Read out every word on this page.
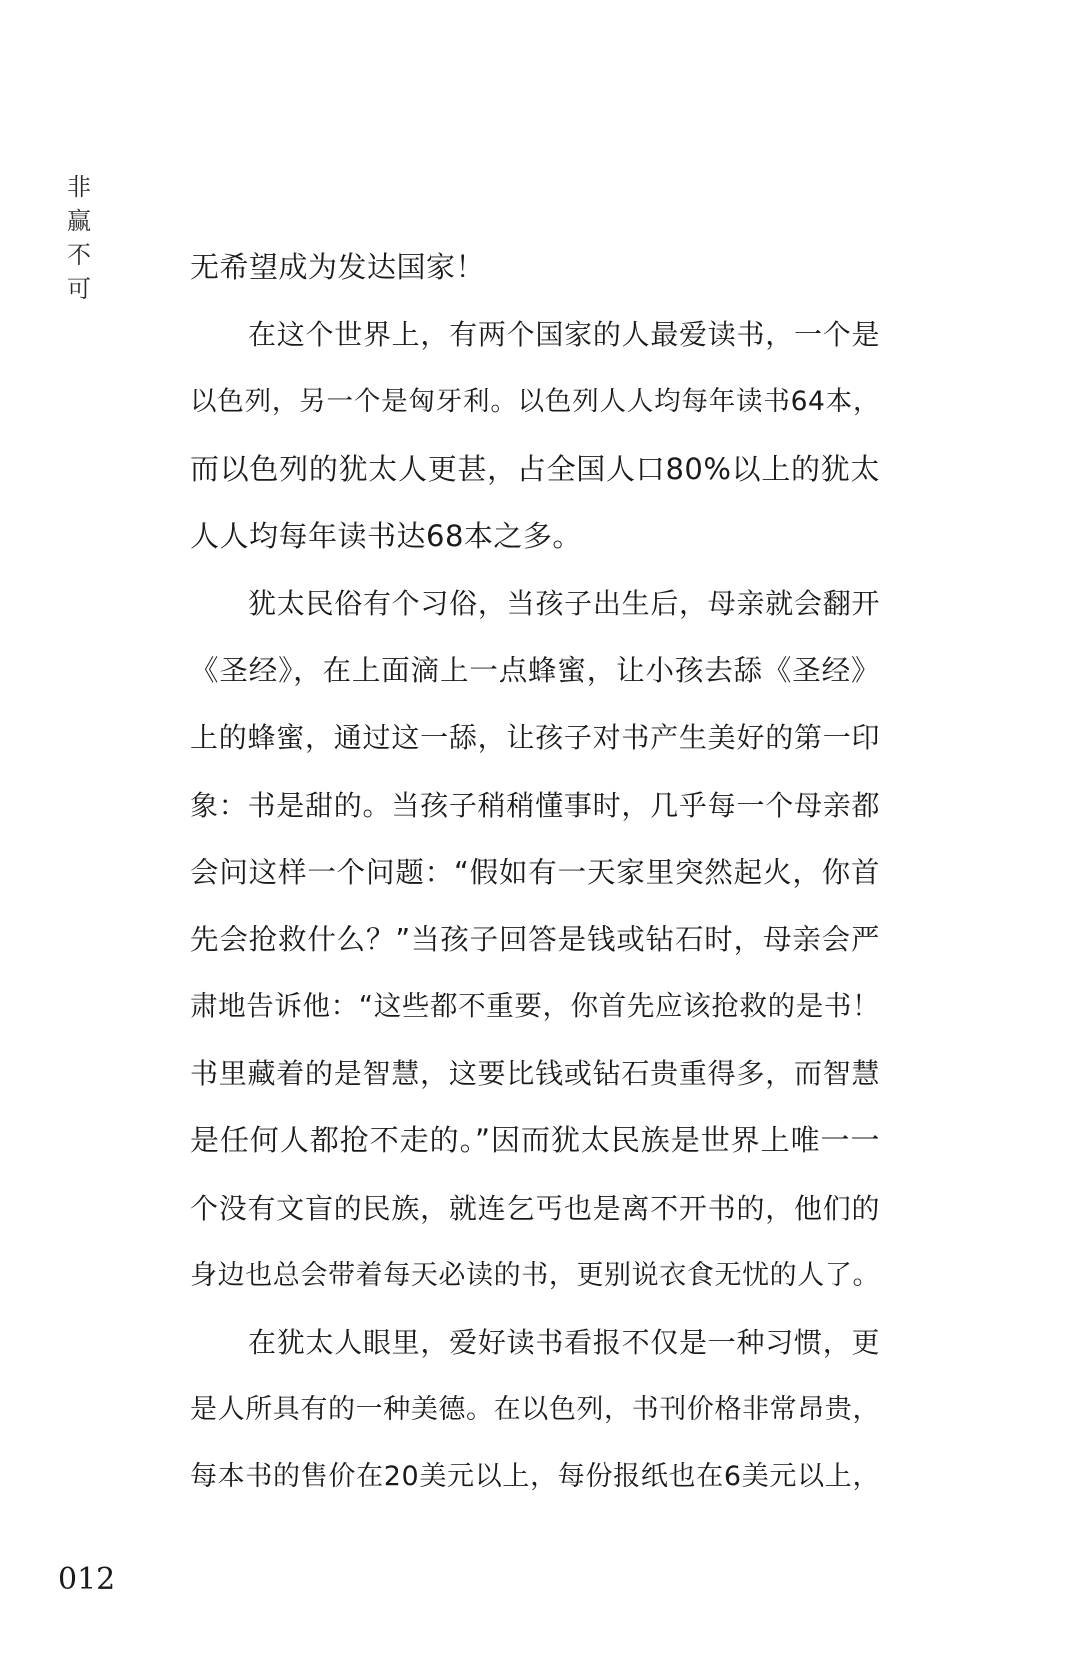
非
赢
不
可
无希望成为发达国家！
在这个世界上，有两个国家的人最爱读书，一个是
以色列，另一个是匈牙利。以色列人人均每年读书64本，
而以色列的犹太人更甚，占全国人口80%以上的犹太
人人均每年读书达68本之多。
犹太民俗有个习俗，当孩子出生后，母亲就会翻开
《圣经》，在上面滴上一点蜂蜜，让小孩去舔《圣经》
上的蜂蜜，通过这一舔，让孩子对书产生美好的第一印
象：书是甜的。当孩子稍稍懂事时，几乎每一个母亲都
会问这样一个问题：“假如有一天家里突然起火，你首
先会抢救什么？”当孩子回答是钱或钻石时，母亲会严
肃地告诉他：“这些都不重要，你首先应该抢救的是书！
书里藏着的是智慧，这要比钱或钻石贵重得多，而智慧
是任何人都抢不走的。”因而犹太民族是世界上唯一一
个没有文盲的民族，就连乞丐也是离不开书的，他们的
身边也总会带着每天必读的书，更别说衣食无忧的人了。
在犹太人眼里，爱好读书看报不仅是一种习惯，更
是人所具有的一种美德。在以色列，书刊价格非常昂贵，
每本书的售价在20美元以上，每份报纸也在6美元以上，
012
